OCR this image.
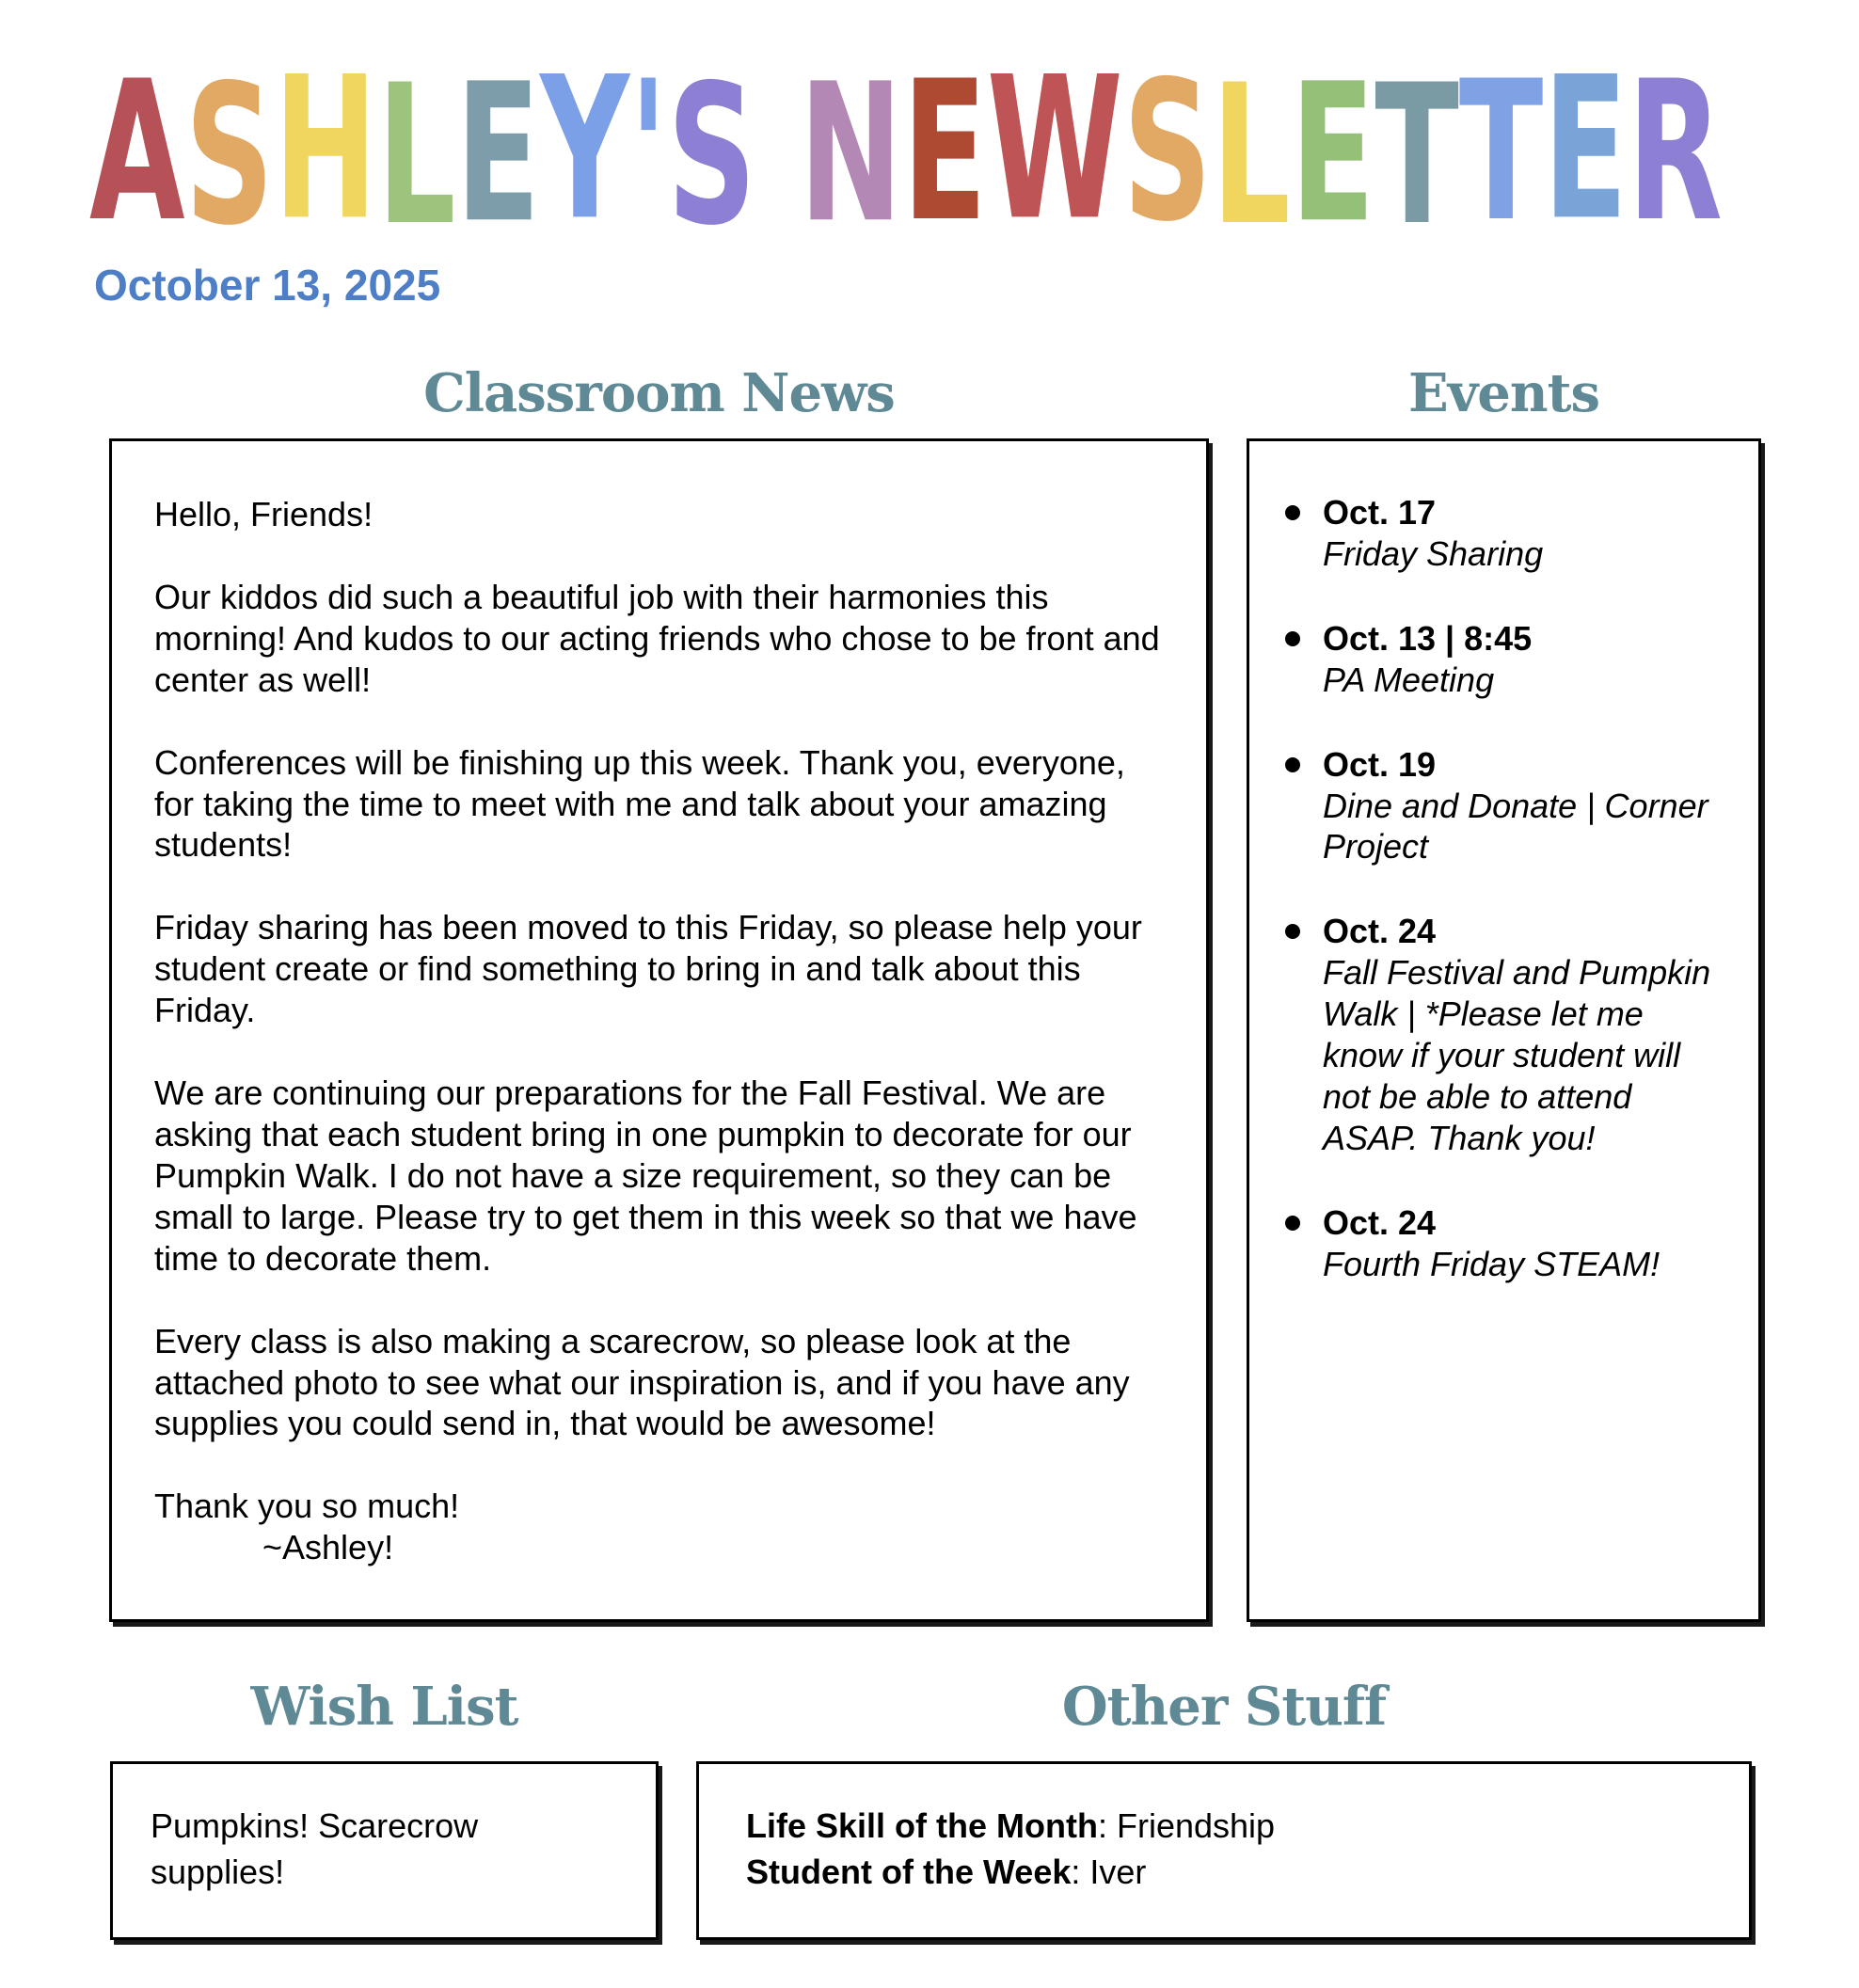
A S H L E Y ' S
N E W S L E T T E R
October 13, 2025
Classroom News

Hello, Friends!

Our kiddos did such a beautiful job with their harmonies this morning! And kudos to our acting friends who chose to be front and center as well!

Conferences will be finishing up this week. Thank you, everyone, for taking the time to meet with me and talk about your amazing students!

Friday sharing has been moved to this Friday, so please help your student create or find something to bring in and talk about this Friday.

We are continuing our preparations for the Fall Festival. We are asking that each student bring in one pumpkin to decorate for our Pumpkin Walk. I do not have a size requirement, so they can be small to large. Please try to get them in this week so that we have time to decorate them.

Every class is also making a scarecrow, so please look at the attached photo to see what our inspiration is, and if you have any supplies you could send in, that would be awesome!

Thank you so much!

~Ashley!

Events
Oct. 17
Friday Sharing
Oct. 13 | 8:45
PA Meeting
Oct. 19
Dine and Donate | Corner Project
Oct. 24
Fall Festival and Pumpkin Walk | *Please let me know if your student will not be able to attend ASAP. Thank you!
Oct. 24
Fourth Friday STEAM!
Wish List
Pumpkins! Scarecrow supplies!
Other Stuff
Life Skill of the Month: Friendship
Student of the Week: Iver
